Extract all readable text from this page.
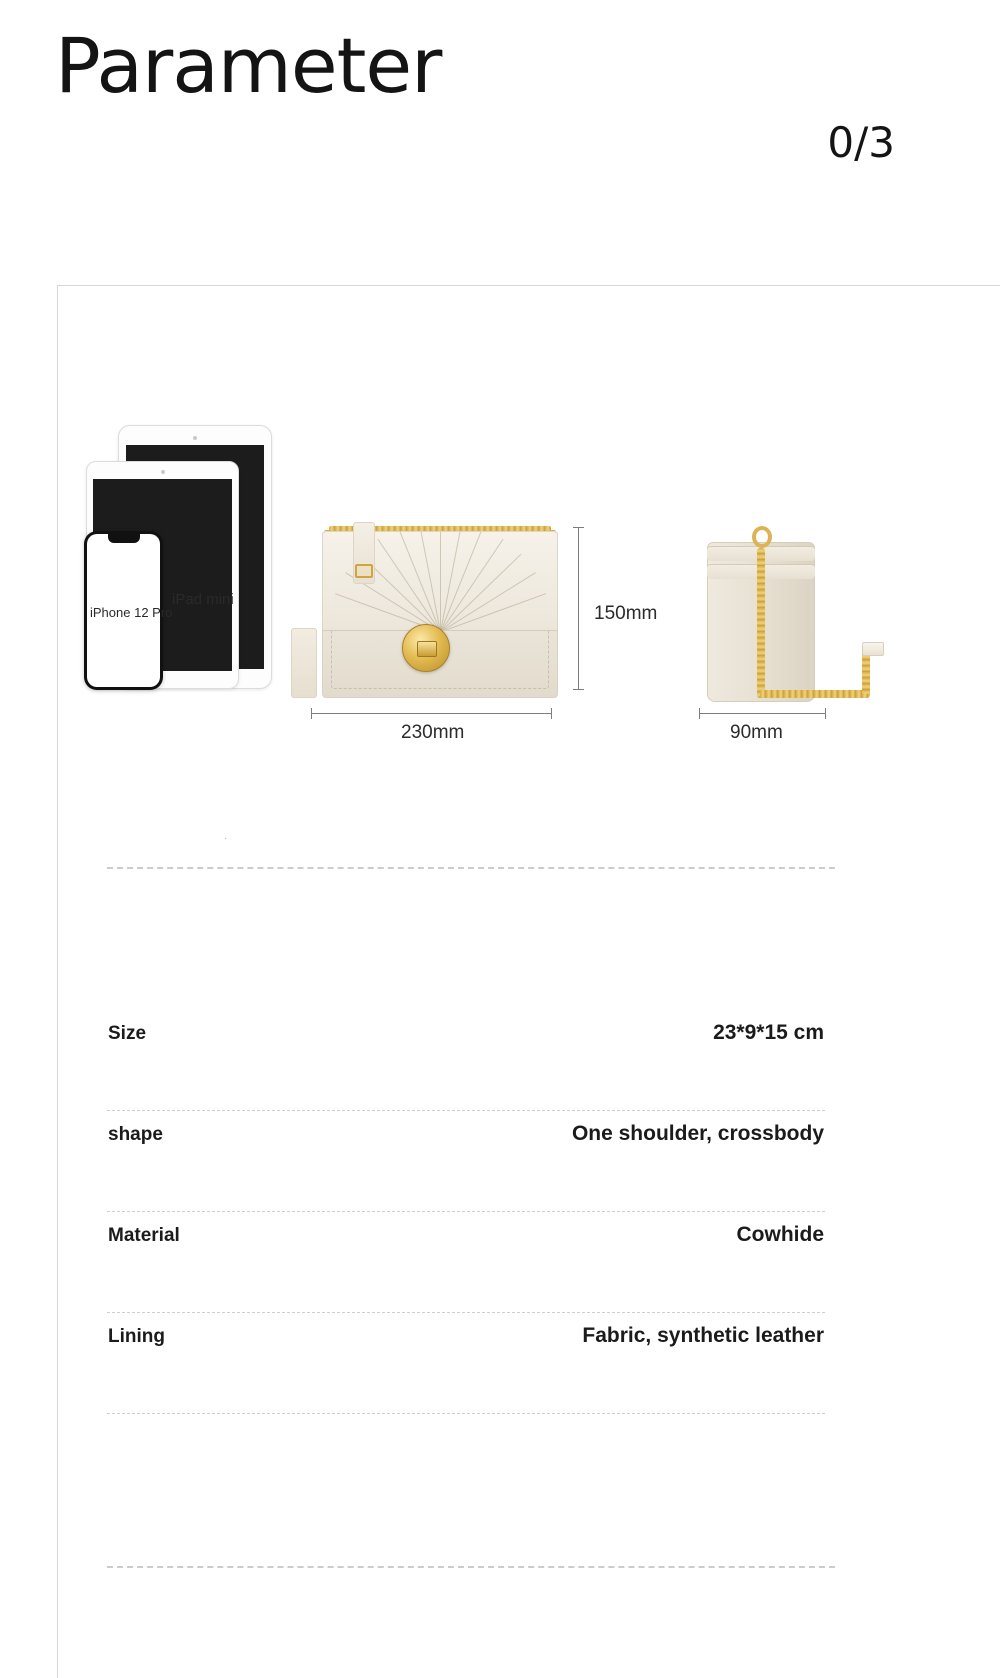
Parameter
0/3
iPhone 12 Pro
iPad mini
150mm
230mm	90mm
.
Size	23*9*15 cm
shape	One shoulder, crossbody
Material	Cowhide
Lining	Fabric, synthetic leather
